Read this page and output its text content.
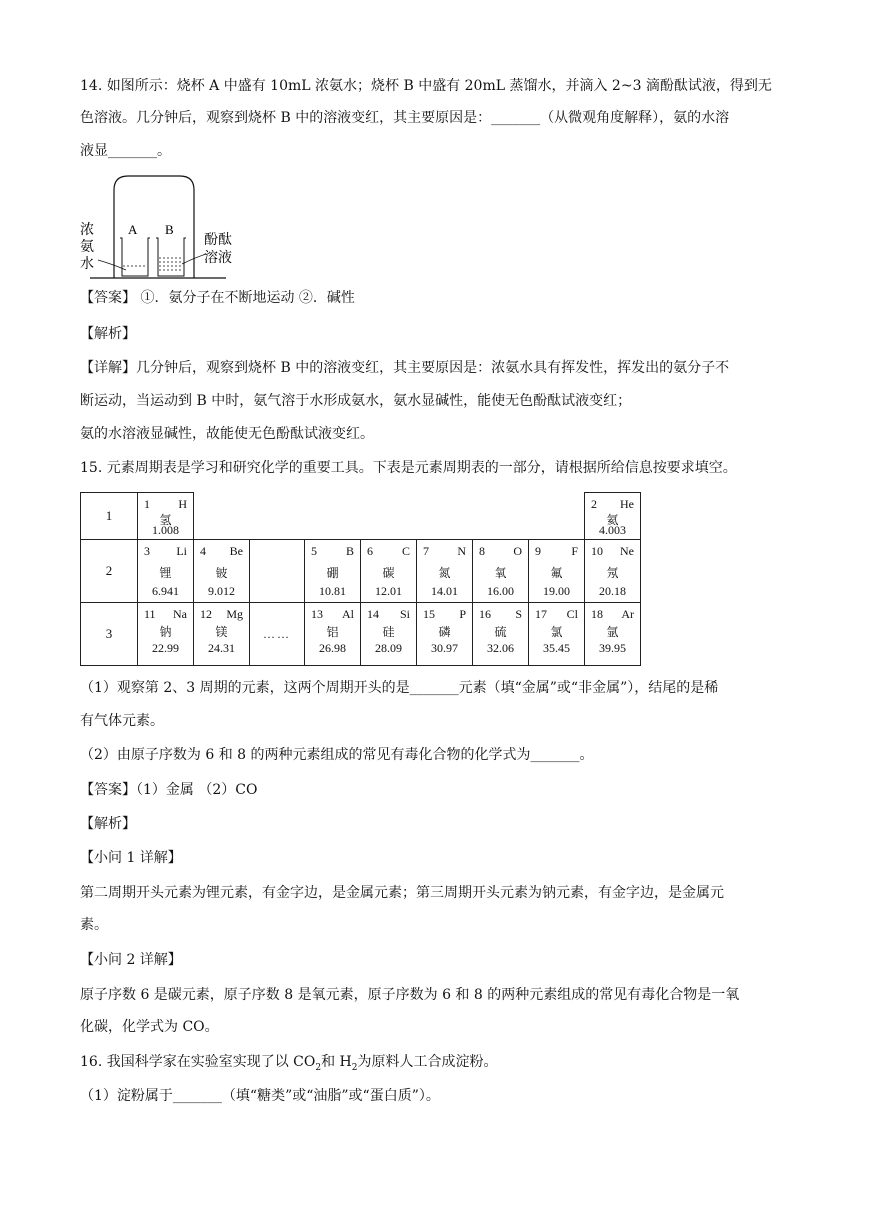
14. 如图所示：烧杯 A 中盛有 10mL 浓氨水；烧杯 B 中盛有 20mL 蒸馏水，并滴入 2~3 滴酚酞试液，得到无
色溶液。几分钟后，观察到烧杯 B 中的溶液变红，其主要原因是：_______（从微观角度解释），氨的水溶
液显_______。
A B
浓
氨
水
酚酞
溶液
【答案】 ①．氨分子在不断地运动 ②．碱性
【解析】
【详解】几分钟后，观察到烧杯 B 中的溶液变红，其主要原因是：浓氨水具有挥发性，挥发出的氨分子不
断运动，当运动到 B 中时，氨气溶于水形成氨水，氨水显碱性，能使无色酚酞试液变红；
氨的水溶液显碱性，故能使无色酚酞试液变红。
15. 元素周期表是学习和研究化学的重要工具。下表是元素周期表的一部分，请根据所给信息按要求填空。
1	1 H
氢
1.008								2 He
氦
4.003

2	3 Li
锂
6.941	4 Be
铍
9.012		5 B
硼
10.81	6 C
碳
12.01	7 N
氮
14.01	8 O
氧
16.00	9 F
氟
19.00	10 Ne
氖
20.18

3	11 Na
钠
22.99	12 Mg
镁
24.31	……	13 Al
铝
26.98	14 Si
硅
28.09	15 P
磷
30.97	16 S
硫
32.06	17 Cl
氯
35.45	18 Ar
氩
39.95
（1）观察第 2、3 周期的元素，这两个周期开头的是_______元素（填“金属”或“非金属”），结尾的是稀
有气体元素。
（2）由原子序数为 6 和 8 的两种元素组成的常见有毒化合物的化学式为_______。
【答案】（1）金属 （2）CO
【解析】
【小问 1 详解】
第二周期开头元素为锂元素，有金字边，是金属元素；第三周期开头元素为钠元素，有金字边，是金属元
素。
【小问 2 详解】
原子序数 6 是碳元素，原子序数 8 是氧元素，原子序数为 6 和 8 的两种元素组成的常见有毒化合物是一氧
化碳，化学式为 CO。
16. 我国科学家在实验室实现了以 $CO_2$和 $H_2$为原料人工合成淀粉。
（1）淀粉属于_______（填“糖类”或“油脂”或“蛋白质”）。
